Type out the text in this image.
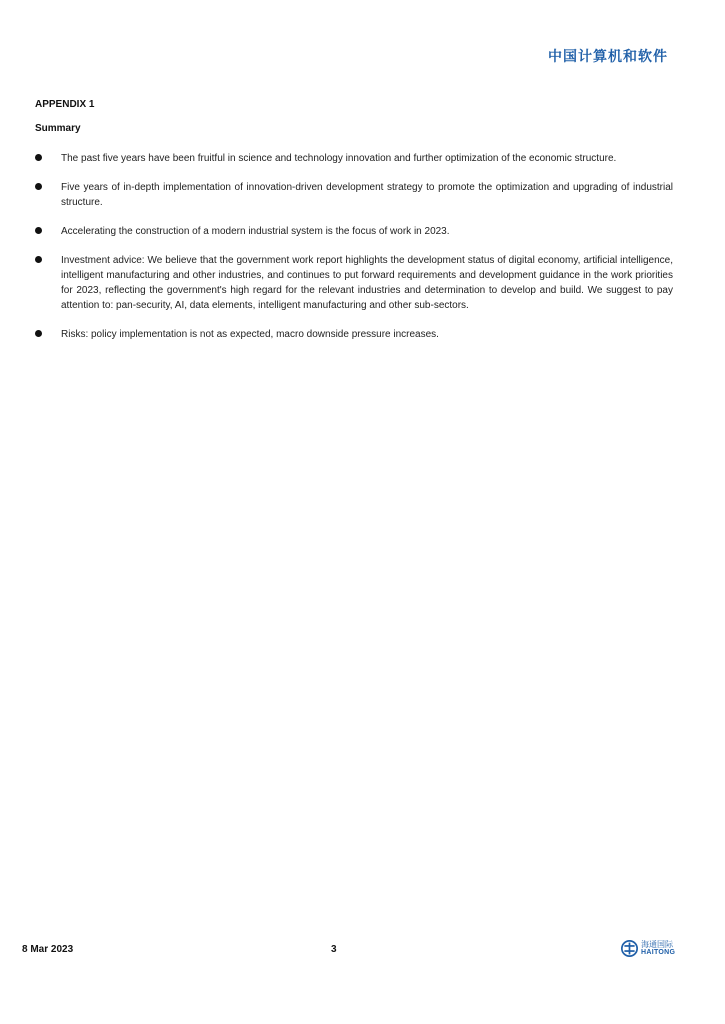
中国计算机和软件
APPENDIX 1
Summary
The past five years have been fruitful in science and technology innovation and further optimization of the economic structure.
Five years of in-depth implementation of innovation-driven development strategy to promote the optimization and upgrading of industrial structure.
Accelerating the construction of a modern industrial system is the focus of work in 2023.
Investment advice: We believe that the government work report highlights the development status of digital economy, artificial intelligence, intelligent manufacturing and other industries, and continues to put forward requirements and development guidance in the work priorities for 2023, reflecting the government's high regard for the relevant industries and determination to develop and build. We suggest to pay attention to: pan-security, AI, data elements, intelligent manufacturing and other sub-sectors.
Risks: policy implementation is not as expected, macro downside pressure increases.
8 Mar 2023	3	海通国际
HAITONG
